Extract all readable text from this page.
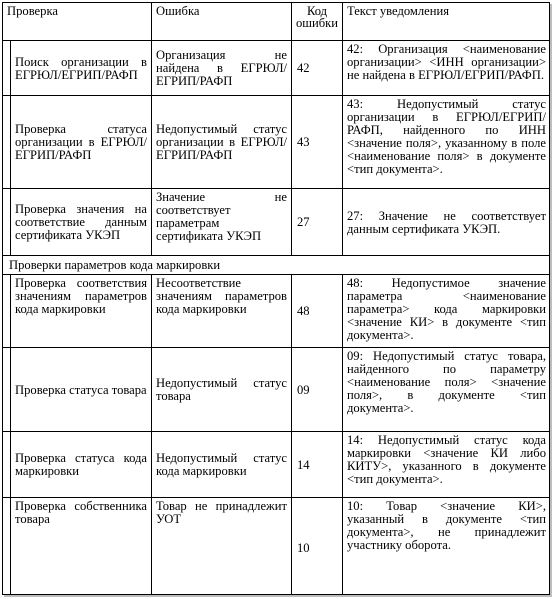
Проверка		Ошибка	Код ошибки	Текст уведомления
	Поиск организации в ЕГРЮЛ/ЕГРИП/РАФП	Организация не найдена в ЕГРЮЛ/ЕГРИП/РАФП	42	42: Организация <наименование организации> <ИНН организации> не найдена в ЕГРЮЛ/ЕГРИП/РАФП.
	Проверка статуса организации в ЕГРЮЛ/ЕГРИП/РАФП	Недопустимый статус организации в ЕГРЮЛ/ЕГРИП/РАФП	43	43: Недопустимый статус организации в ЕГРЮЛ/ЕГРИП/РАФП, найденного по ИНН <значение поля>, указанному в поле <наименование поля> в документе <тип документа>.
	Проверка значения на соответствие данным сертификата УКЭП	Значение не соответствует параметрам сертификата УКЭП	27	27: Значение не соответствует данным сертификата УКЭП.
Проверки параметров кода маркировки				
	Проверка соответствия значениям параметров кода маркировки	Несоответствие значениям параметров кода маркировки	48	48: Недопустимое значение параметра <наименование параметра> кода маркировки <значение КИ> в документе <тип документа>.
	Проверка статуса товара	Недопустимый статус товара	09	09: Недопустимый статус товара, найденного по параметру <наименование поля> <значение поля>, в документе <тип документа>.
	Проверка статуса кода маркировки	Недопустимый статус кода маркировки	14	14: Недопустимый статус кода маркировки <значение КИ либо КИТУ>, указанного в документе <тип документа>.
	Проверка собственника товара	Товар не принадлежит УОТ	10	10: Товар <значение КИ>, указанный в документе <тип документа>, не принадлежит участнику оборота.
